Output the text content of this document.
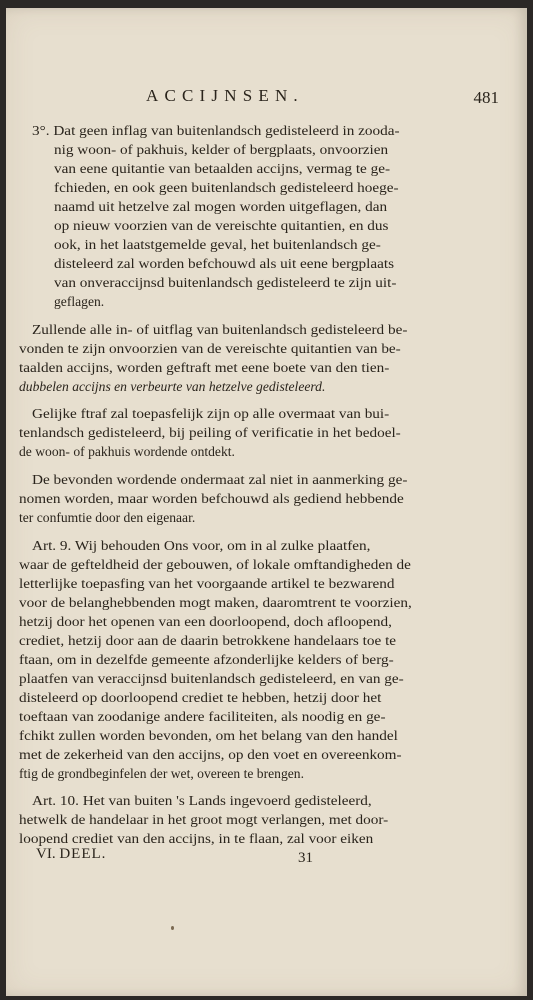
ACCIJNSEN.	481
3°. Dat geen inflag van buitenlandsch gedisteleerd in zooda-
nig woon- of pakhuis, kelder of bergplaats, onvoorzien
van eene quitantie van betaalden accijns, vermag te ge-
fchieden, en ook geen buitenlandsch gedisteleerd hoege-
naamd uit hetzelve zal mogen worden uitgeflagen, dan
op nieuw voorzien van de vereischte quitantien, en dus
ook, in het laatstgemelde geval, het buitenlandsch ge-
disteleerd zal worden befchouwd als uit eene bergplaats
van onveraccijnsd buitenlandsch gedisteleerd te zijn uit-
geflagen.
Zullende alle in- of uitflag van buitenlandsch gedisteleerd be-
vonden te zijn onvoorzien van de vereischte quitantien van be-
taalden accijns, worden geftraft met eene boete van den tien-
dubbelen accijns en verbeurte van hetzelve gedisteleerd.
Gelijke ftraf zal toepasfelijk zijn op alle overmaat van bui-
tenlandsch gedisteleerd, bij peiling of verificatie in het bedoel-
de woon- of pakhuis wordende ontdekt.
De bevonden wordende ondermaat zal niet in aanmerking ge-
nomen worden, maar worden befchouwd als gediend hebbende
ter confumtie door den eigenaar.
Art. 9. Wij behouden Ons voor, om in al zulke plaatfen,
waar de gefteldheid der gebouwen, of lokale omftandigheden de
letterlijke toepasfing van het voorgaande artikel te bezwarend
voor de belanghebbenden mogt maken, daaromtrent te voorzien,
hetzij door het openen van een doorloopend, doch afloopend,
crediet, hetzij door aan de daarin betrokkene handelaars toe te
ftaan, om in dezelfde gemeente afzonderlijke kelders of berg-
plaatfen van veraccijnsd buitenlandsch gedisteleerd, en van ge-
disteleerd op doorloopend crediet te hebben, hetzij door het
toeftaan van zoodanige andere faciliteiten, als noodig en ge-
fchikt zullen worden bevonden, om het belang van den handel
met de zekerheid van den accijns, op den voet en overeenkom-
ftig de grondbeginfelen der wet, overeen te brengen.
Art. 10. Het van buiten 's Lands ingevoerd gedisteleerd,
hetwelk de handelaar in het groot mogt verlangen, met door-
loopend crediet van den accijns, in te flaan, zal voor eiken
VI. DEEL.	31
